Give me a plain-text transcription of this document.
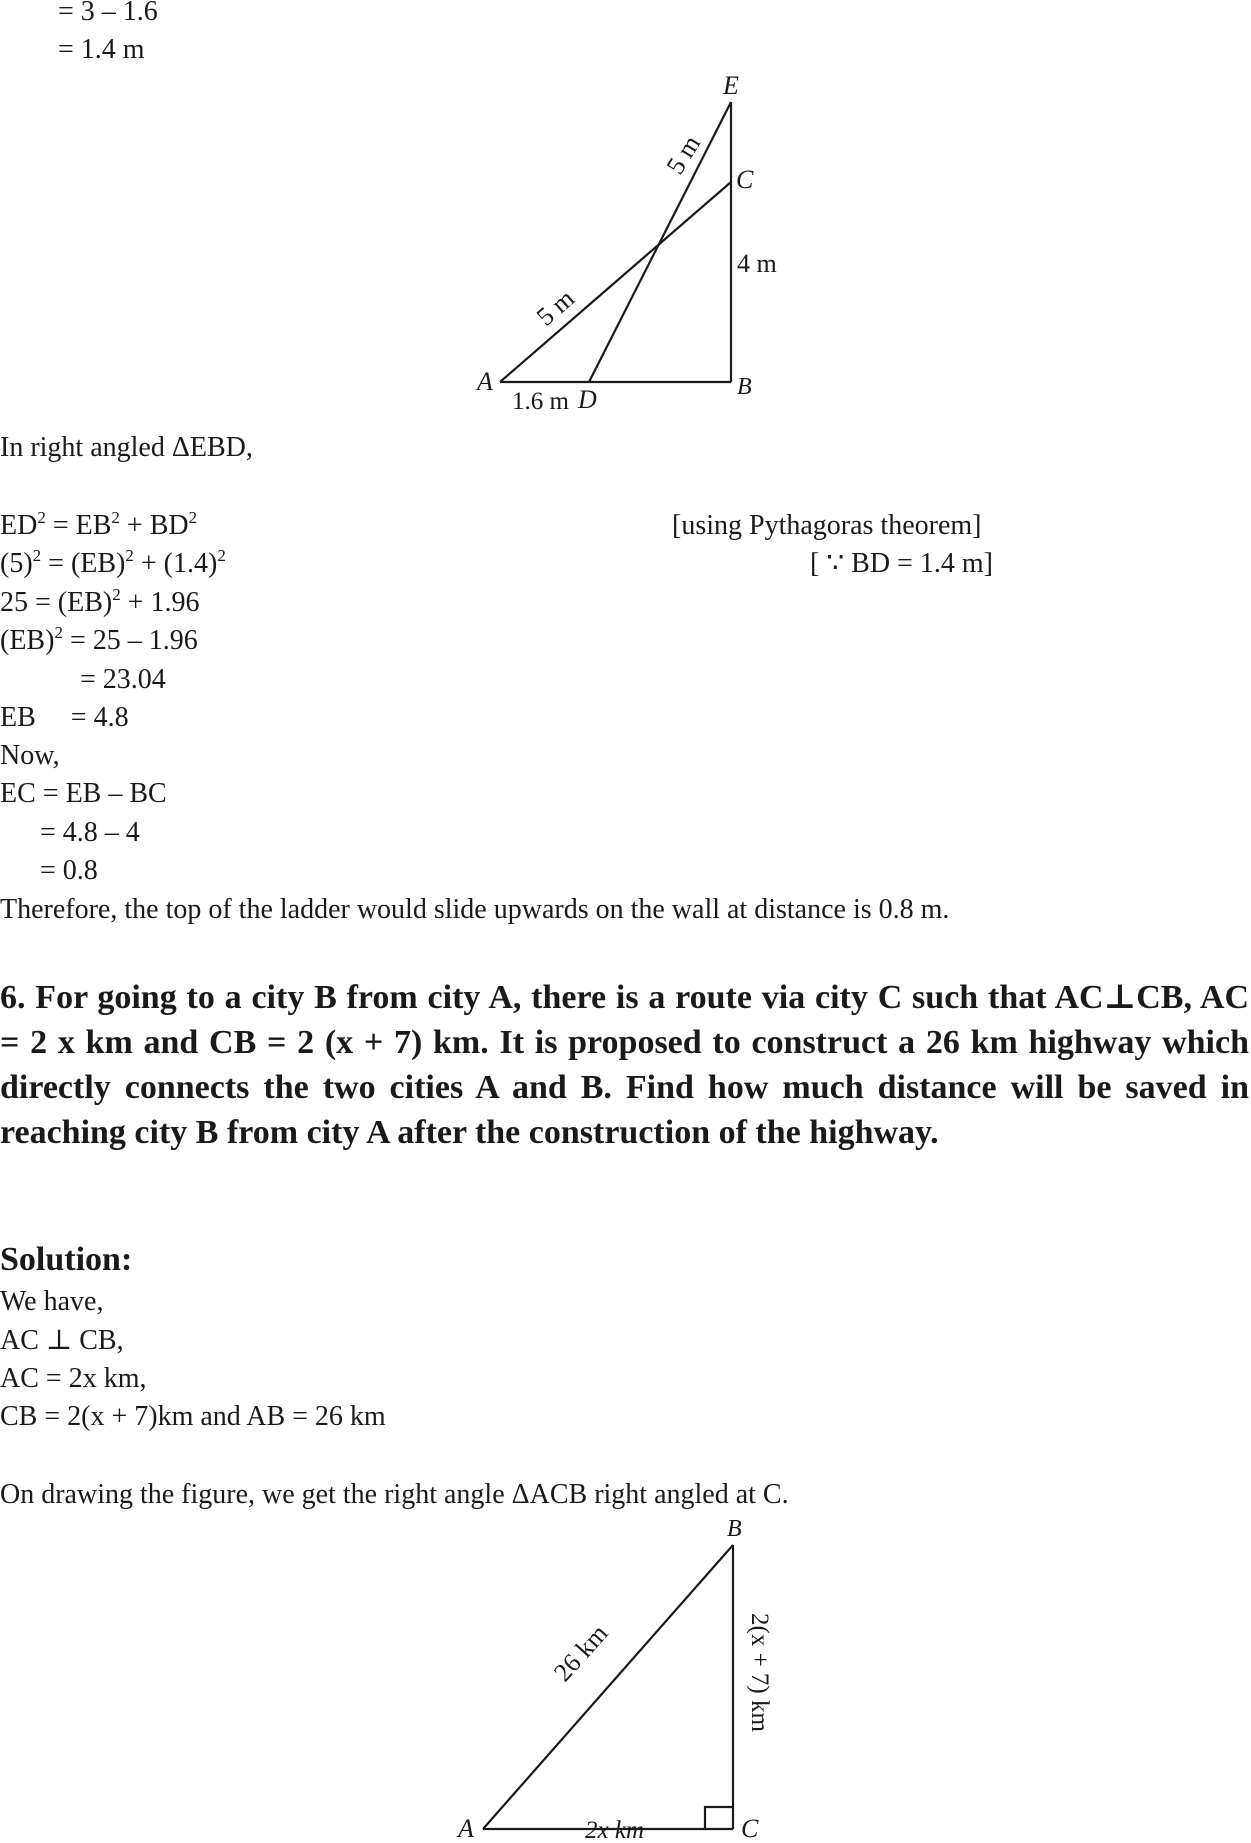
= 3 – 1.6
= 1.4 m
E
C
A
D	B
5 m
5 m
4 m
1.6 m
In right angled ΔEBD,
$ED^2 = EB^2 + BD^2$	[using Pythagoras theorem]
$(5)^2 = (EB)^2 + (1.4)^2$	[ ∵ BD = 1.4 m]
25 = (EB)$^2$ + 1.96
(EB)$^2$ = 25 – 1.96
= 23.04
EB     = 4.8
Now,
EC = EB – BC
= 4.8 – 4
= 0.8
Therefore, the top of the ladder would slide upwards on the wall at distance is 0.8 m.
6. For going to a city B from city A, there is a route via city C such that AC⊥CB, AC = 2 x km and CB = 2 (x + 7) km. It is proposed to construct a 26 km highway which directly connects the two cities A and B. Find how much distance will be saved in reaching city B from city A after the construction of the highway.
Solution:
We have,
AC ⊥ CB,
AC = 2x km,
CB = 2(x + 7)km and AB = 26 km
On drawing the figure, we get the right angle ΔACB right angled at C.
B
A	C
26 km	2(x + 7) km
2x km
